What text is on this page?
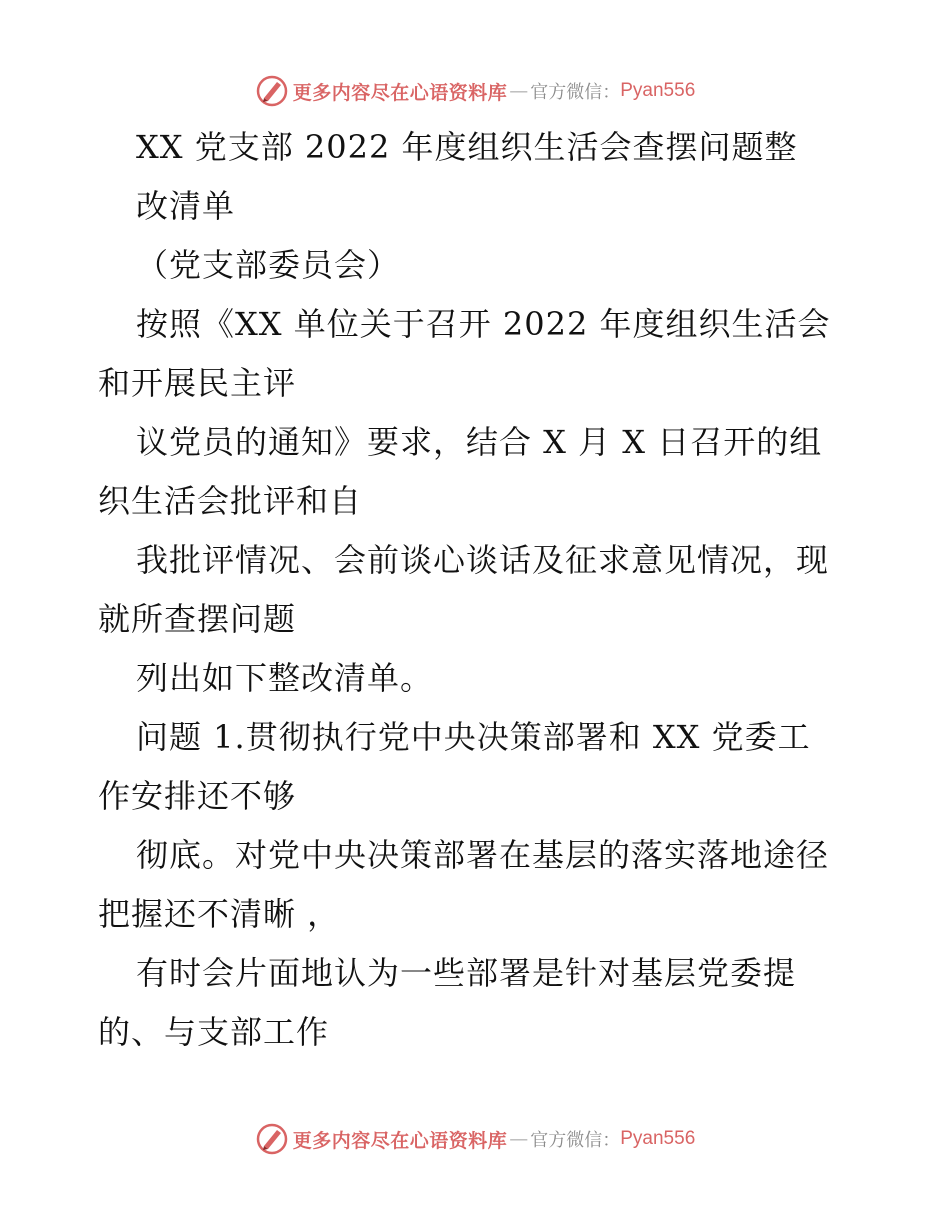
更多内容尽在心语资料库 — 官方微信： Pyan556
XX 党支部 2022 年度组织生活会查摆问题整
改清单
（党支部委员会）
按照《XX 单位关于召开 2022 年度组织生活会
和开展民主评
议党员的通知》要求，结合 X 月 X 日召开的组
织生活会批评和自
我批评情况、会前谈心谈话及征求意见情况，现
就所查摆问题
列出如下整改清单。
问题 1.贯彻执行党中央决策部署和 XX 党委工
作安排还不够
彻底。对党中央决策部署在基层的落实落地途径
把握还不清晰 ，
有时会片面地认为一些部署是针对基层党委提
的、与支部工作
更多内容尽在心语资料库 — 官方微信： Pyan556
